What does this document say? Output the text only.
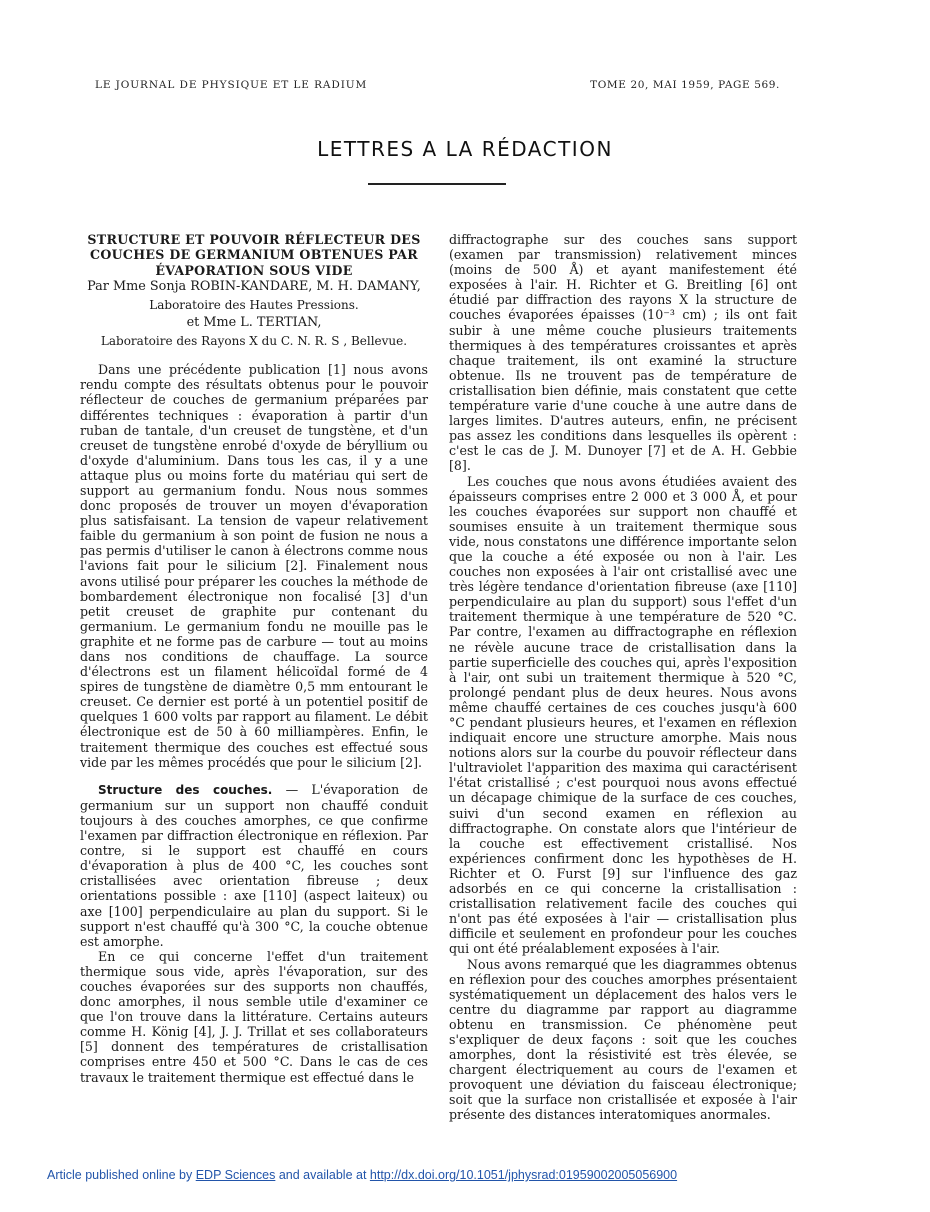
LE JOURNAL DE PHYSIQUE ET LE RADIUM	TOME 20, MAI 1959, PAGE 569.
LETTRES A LA RÉDACTION

STRUCTURE ET POUVOIR RÉFLECTEUR DES COUCHES DE GERMANIUM OBTENUES PAR ÉVAPORATION SOUS VIDE

Par Mme Sonja ROBIN-KANDARE, M. H. DAMANY,

Laboratoire des Hautes Pressions.

et Mme L. TERTIAN,

Laboratoire des Rayons X du C. N. R. S , Bellevue.

Dans une précédente publication [1] nous avons rendu compte des résultats obtenus pour le pouvoir réflecteur de couches de germanium préparées par différentes techniques : évaporation à partir d'un ruban de tantale, d'un creuset de tungstène, et d'un creuset de tungstène enrobé d'oxyde de béryllium ou d'oxyde d'aluminium. Dans tous les cas, il y a une attaque plus ou moins forte du matériau qui sert de support au germanium fondu. Nous nous sommes donc proposés de trouver un moyen d'évaporation plus satisfaisant. La tension de vapeur relativement faible du germanium à son point de fusion ne nous a pas permis d'utiliser le canon à électrons comme nous l'avions fait pour le silicium [2]. Finalement nous avons utilisé pour préparer les couches la méthode de bombardement électronique non focalisé [3] d'un petit creuset de graphite pur contenant du germanium. Le germanium fondu ne mouille pas le graphite et ne forme pas de carbure — tout au moins dans nos conditions de chauffage. La source d'électrons est un filament hélicoïdal formé de 4 spires de tungstène de diamètre 0,5 mm entourant le creuset. Ce dernier est porté à un potentiel positif de quelques 1 600 volts par rapport au filament. Le débit électronique est de 50 à 60 milliampères. Enfin, le traitement thermique des couches est effectué sous vide par les mêmes procédés que pour le silicium [2].

Structure des couches. — L'évaporation de germanium sur un support non chauffé conduit toujours à des couches amorphes, ce que confirme l'examen par diffraction électronique en réflexion. Par contre, si le support est chauffé en cours d'évaporation à plus de 400 °C, les couches sont cristallisées avec orientation fibreuse ; deux orientations possible : axe [110] (aspect laiteux) ou axe [100] perpendiculaire au plan du support. Si le support n'est chauffé qu'à 300 °C, la couche obtenue est amorphe.

En ce qui concerne l'effet d'un traitement thermique sous vide, après l'évaporation, sur des couches évaporées sur des supports non chauffés, donc amorphes, il nous semble utile d'examiner ce que l'on trouve dans la littérature. Certains auteurs comme H. König [4], J. J. Trillat et ses collaborateurs [5] donnent des températures de cristallisation comprises entre 450 et 500 °C. Dans le cas de ces travaux le traitement thermique est effectué dans le

diffractographe sur des couches sans support (examen par transmission) relativement minces (moins de 500 Å) et ayant manifestement été exposées à l'air. H. Richter et G. Breitling [6] ont étudié par diffraction des rayons X la structure de couches évaporées épaisses (10⁻³ cm) ; ils ont fait subir à une même couche plusieurs traitements thermiques à des températures croissantes et après chaque traitement, ils ont examiné la structure obtenue. Ils ne trouvent pas de température de cristallisation bien définie, mais constatent que cette température varie d'une couche à une autre dans de larges limites. D'autres auteurs, enfin, ne précisent pas assez les conditions dans lesquelles ils opèrent : c'est le cas de J. M. Dunoyer [7] et de A. H. Gebbie [8].

Les couches que nous avons étudiées avaient des épaisseurs comprises entre 2 000 et 3 000 Å, et pour les couches évaporées sur support non chauffé et soumises ensuite à un traitement thermique sous vide, nous constatons une différence importante selon que la couche a été exposée ou non à l'air. Les couches non exposées à l'air ont cristallisé avec une très légère tendance d'orientation fibreuse (axe [110] perpendiculaire au plan du support) sous l'effet d'un traitement thermique à une température de 520 °C. Par contre, l'examen au diffractographe en réflexion ne révèle aucune trace de cristallisation dans la partie superficielle des couches qui, après l'exposition à l'air, ont subi un traitement thermique à 520 °C, prolongé pendant plus de deux heures. Nous avons même chauffé certaines de ces couches jusqu'à 600 °C pendant plusieurs heures, et l'examen en réflexion indiquait encore une structure amorphe. Mais nous notions alors sur la courbe du pouvoir réflecteur dans l'ultraviolet l'apparition des maxima qui caractérisent l'état cristallisé ; c'est pourquoi nous avons effectué un décapage chimique de la surface de ces couches, suivi d'un second examen en réflexion au diffractographe. On constate alors que l'intérieur de la couche est effectivement cristallisé. Nos expériences confirment donc les hypothèses de H. Richter et O. Furst [9] sur l'influence des gaz adsorbés en ce qui concerne la cristallisation : cristallisation relativement facile des couches qui n'ont pas été exposées à l'air — cristallisation plus difficile et seulement en profondeur pour les couches qui ont été préalablement exposées à l'air.

Nous avons remarqué que les diagrammes obtenus en réflexion pour des couches amorphes présentaient systématiquement un déplacement des halos vers le centre du diagramme par rapport au diagramme obtenu en transmission. Ce phénomène peut s'expliquer de deux façons : soit que les couches amorphes, dont la résistivité est très élevée, se chargent électriquement au cours de l'examen et provoquent une déviation du faisceau électronique; soit que la surface non cristallisée et exposée à l'air présente des distances interatomiques anormales.

Article published online by EDP Sciences and available at http://dx.doi.org/10.1051/jphysrad:01959002005056900
